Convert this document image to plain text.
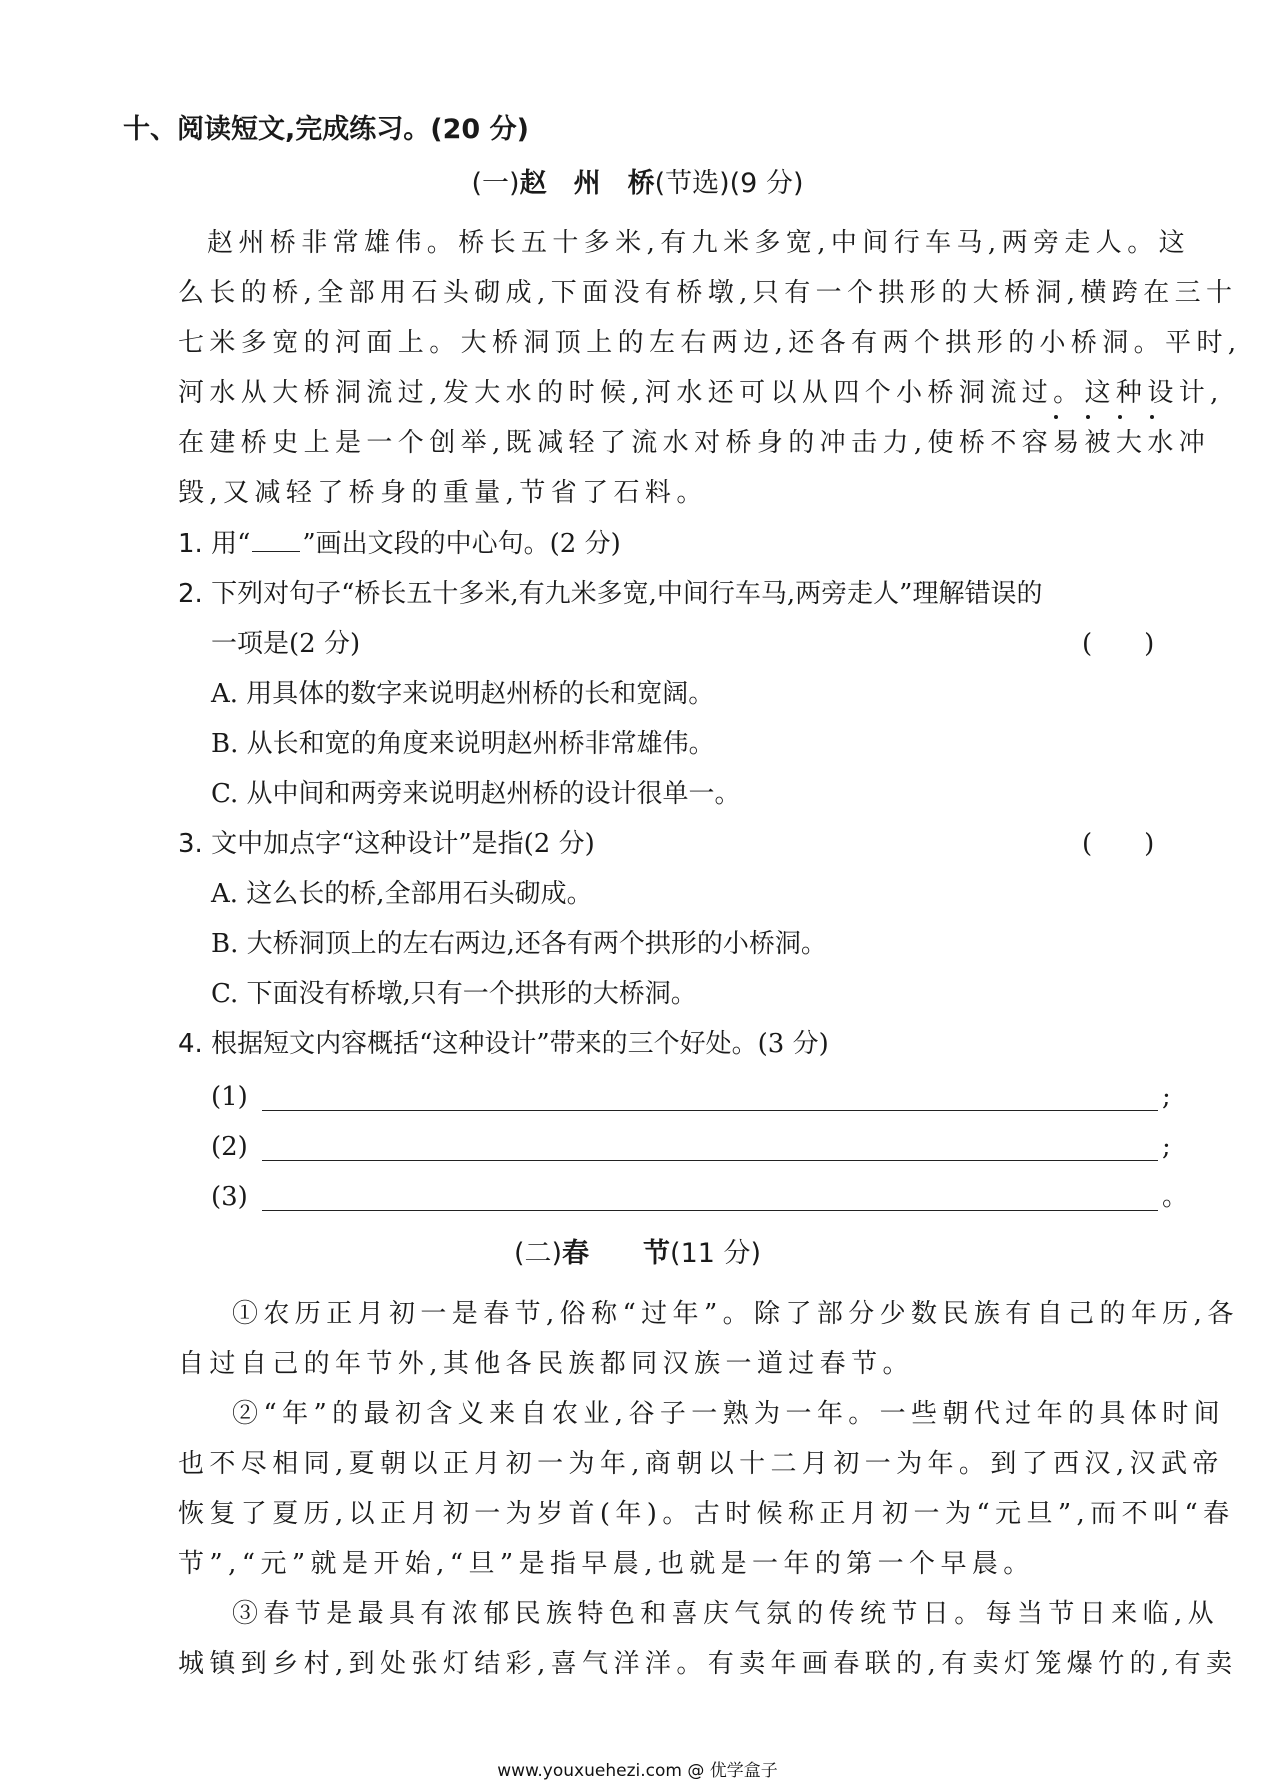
十、阅读短文,完成练习。(20 分)
(一)赵　州　桥(节选)(9 分)
赵州桥非常雄伟。桥长五十多米,有九米多宽,中间行车马,两旁走人。这
么长的桥,全部用石头砌成,下面没有桥墩,只有一个拱形的大桥洞,横跨在三十
七米多宽的河面上。大桥洞顶上的左右两边,还各有两个拱形的小桥洞。平时,
河水从大桥洞流过,发大水的时候,河水还可以从四个小桥洞流过。这种设计,
在建桥史上是一个创举,既减轻了流水对桥身的冲击力,使桥不容易被大水冲
毁,又减轻了桥身的重量,节省了石料。
1. 用“ ”画出文段的中心句。(2 分)
2. 下列对句子“桥长五十多米,有九米多宽,中间行车马,两旁走人”理解错误的
一项是(2 分)	(　　)
A. 用具体的数字来说明赵州桥的长和宽阔。
B. 从长和宽的角度来说明赵州桥非常雄伟。
C. 从中间和两旁来说明赵州桥的设计很单一。
3. 文中加点字“这种设计”是指(2 分)	(　　)
A. 这么长的桥,全部用石头砌成。
B. 大桥洞顶上的左右两边,还各有两个拱形的小桥洞。
C. 下面没有桥墩,只有一个拱形的大桥洞。
4. 根据短文内容概括“这种设计”带来的三个好处。(3 分)
(1)	;
(2)	;
(3)	。
(二)春　　节(11 分)
①农历正月初一是春节,俗称“过年”。除了部分少数民族有自己的年历,各
自过自己的年节外,其他各民族都同汉族一道过春节。
②“年”的最初含义来自农业,谷子一熟为一年。一些朝代过年的具体时间
也不尽相同,夏朝以正月初一为年,商朝以十二月初一为年。到了西汉,汉武帝
恢复了夏历,以正月初一为岁首(年)。古时候称正月初一为“元旦”,而不叫“春
节”,“元”就是开始,“旦”是指早晨,也就是一年的第一个早晨。
③春节是最具有浓郁民族特色和喜庆气氛的传统节日。每当节日来临,从
城镇到乡村,到处张灯结彩,喜气洋洋。有卖年画春联的,有卖灯笼爆竹的,有卖
www.youxuehezi.com @ 优学盒子
